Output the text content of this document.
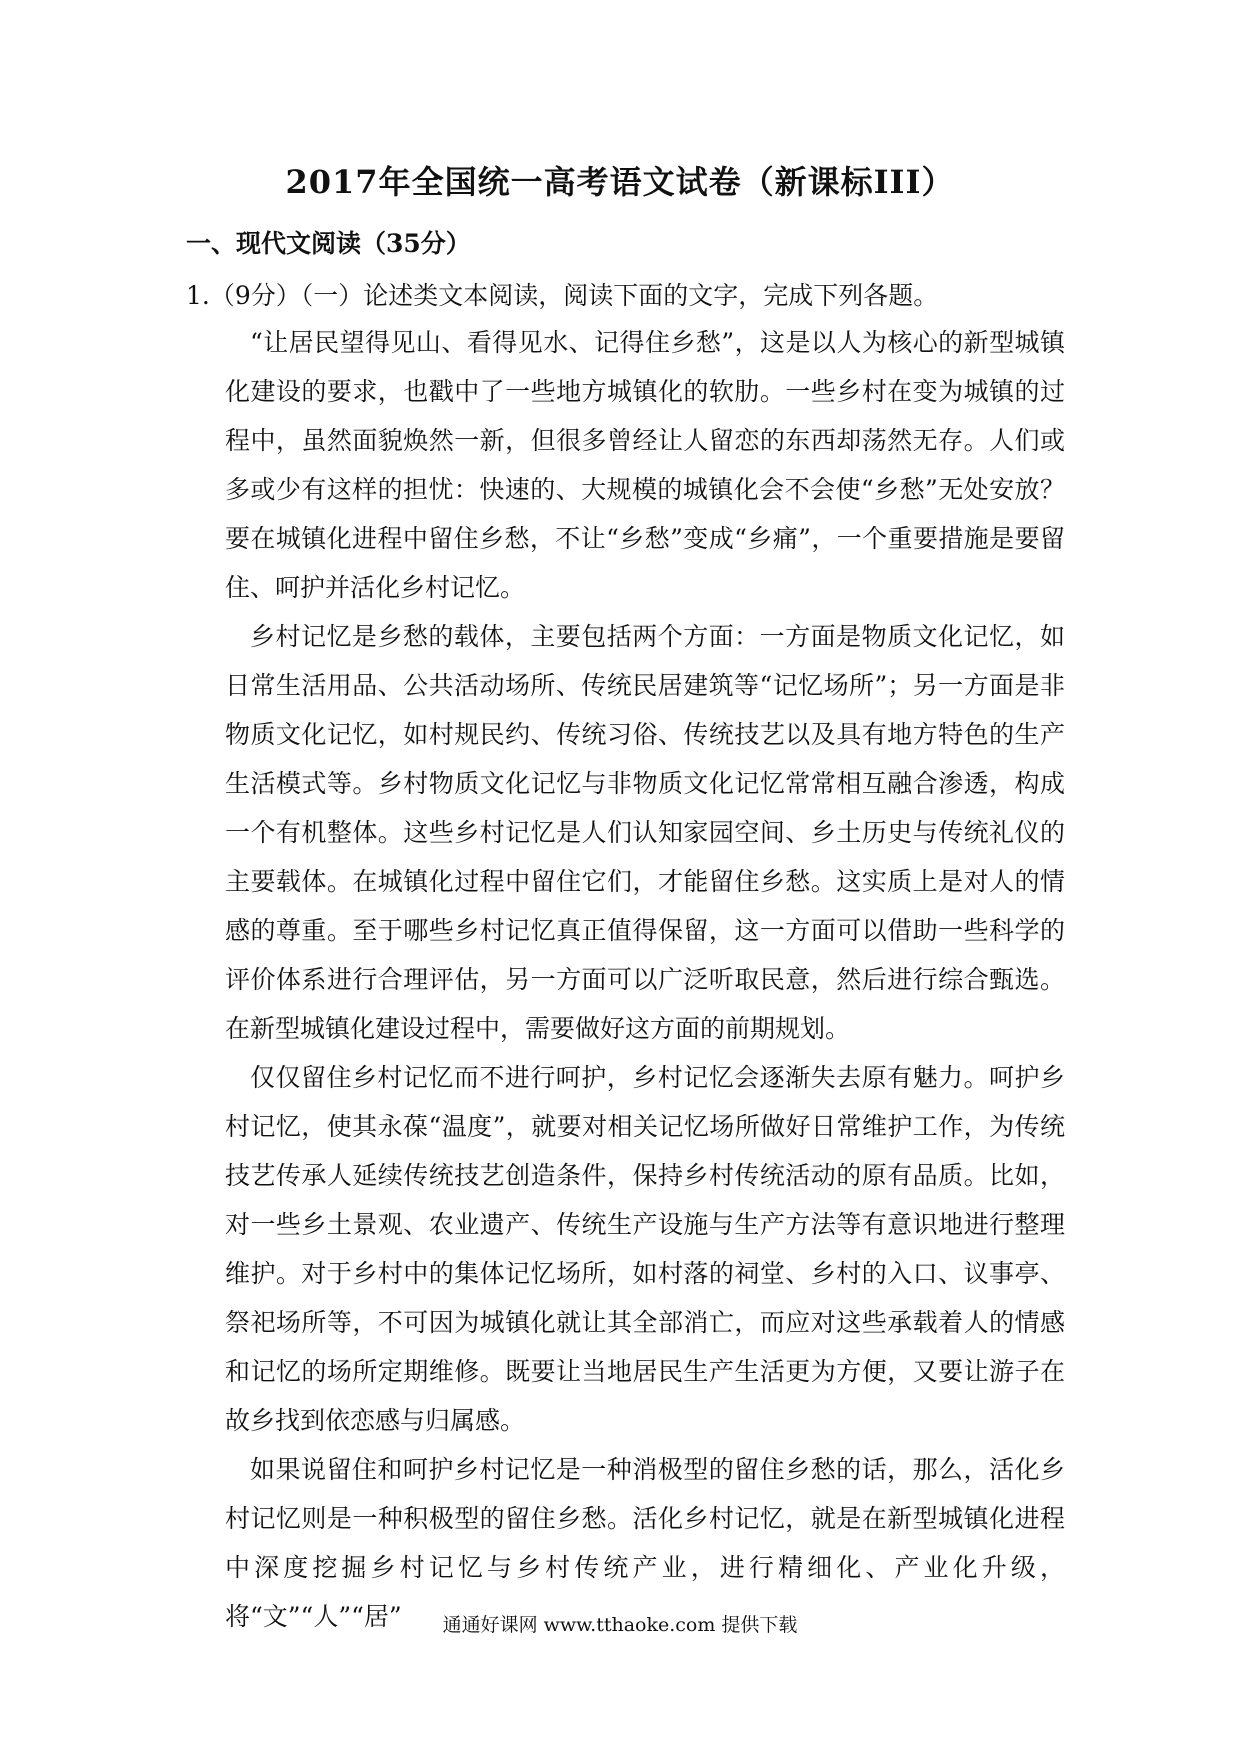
2017年全国统一高考语文试卷（新课标III）
一、现代文阅读（35分）

1.（9分）（一）论述类文本阅读，阅读下面的文字，完成下列各题。

“让居民望得见山、看得见水、记得住乡愁”，这是以人为核心的新型城镇化建设的要求，也戳中了一些地方城镇化的软肋。一些乡村在变为城镇的过程中，虽然面貌焕然一新，但很多曾经让人留恋的东西却荡然无存。人们或多或少有这样的担忧：快速的、大规模的城镇化会不会使“乡愁”无处安放？要在城镇化进程中留住乡愁，不让“乡愁”变成“乡痛”，一个重要措施是要留住、呵护并活化乡村记忆。

乡村记忆是乡愁的载体，主要包括两个方面：一方面是物质文化记忆，如日常生活用品、公共活动场所、传统民居建筑等“记忆场所”；另一方面是非物质文化记忆，如村规民约、传统习俗、传统技艺以及具有地方特色的生产生活模式等。乡村物质文化记忆与非物质文化记忆常常相互融合渗透，构成一个有机整体。这些乡村记忆是人们认知家园空间、乡土历史与传统礼仪的主要载体。在城镇化过程中留住它们，才能留住乡愁。这实质上是对人的情感的尊重。至于哪些乡村记忆真正值得保留，这一方面可以借助一些科学的评价体系进行合理评估，另一方面可以广泛听取民意，然后进行综合甄选。在新型城镇化建设过程中，需要做好这方面的前期规划。

仅仅留住乡村记忆而不进行呵护，乡村记忆会逐渐失去原有魅力。呵护乡村记忆，使其永葆“温度”，就要对相关记忆场所做好日常维护工作，为传统技艺传承人延续传统技艺创造条件，保持乡村传统活动的原有品质。比如，对一些乡土景观、农业遗产、传统生产设施与生产方法等有意识地进行整理维护。对于乡村中的集体记忆场所，如村落的祠堂、乡村的入口、议事亭、祭祀场所等，不可因为城镇化就让其全部消亡，而应对这些承载着人的情感和记忆的场所定期维修。既要让当地居民生产生活更为方便，又要让游子在故乡找到依恋感与归属感。

如果说留住和呵护乡村记忆是一种消极型的留住乡愁的话，那么，活化乡村记忆则是一种积极型的留住乡愁。活化乡村记忆，就是在新型城镇化进程中深度挖掘乡村记忆与乡村传统产业，进行精细化、产业化升级，将“文”“人”“居”	通通好课网 www.tthaoke.com 提供下载
